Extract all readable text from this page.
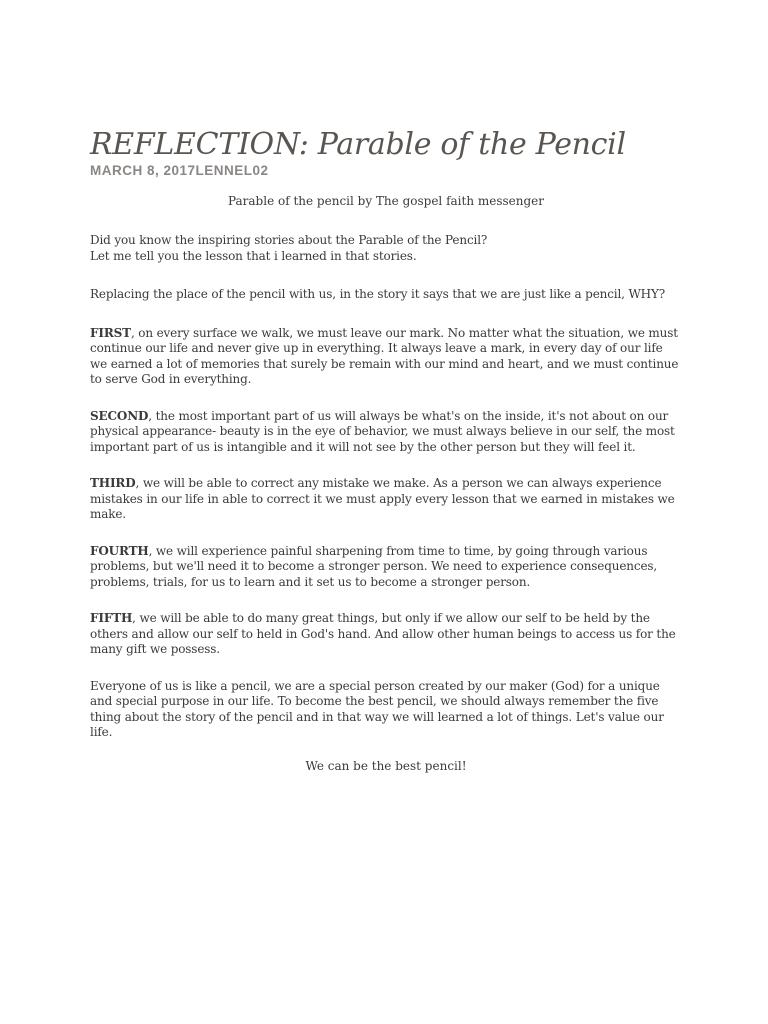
REFLECTION: Parable of the Pencil
MARCH 8, 2017LENNEL02

Parable of the pencil by The gospel faith messenger

Did you know the inspiring stories about the Parable of the Pencil?
Let me tell you the lesson that i learned in that stories.

Replacing the place of the pencil with us, in the story it says that we are just like a pencil, WHY?

FIRST, on every surface we walk, we must leave our mark. No matter what the situation, we must continue our life and never give up in everything. It always leave a mark, in every day of our life we earned a lot of memories that surely be remain with our mind and heart, and we must continue to serve God in everything.

SECOND, the most important part of us will always be what's on the inside, it's not about on our physical appearance- beauty is in the eye of behavior, we must always believe in our self, the most important part of us is intangible and it will not see by the other person but they will feel it.

THIRD, we will be able to correct any mistake we make. As a person we can always experience mistakes in our life in able to correct it we must apply every lesson that we earned in mistakes we make.

FOURTH, we will experience painful sharpening from time to time, by going through various problems, but we'll need it to become a stronger person. We need to experience consequences, problems, trials, for us to learn and it set us to become a stronger person.

FIFTH, we will be able to do many great things, but only if we allow our self to be held by the others and allow our self to held in God's hand. And allow other human beings to access us for the many gift we possess.

Everyone of us is like a pencil, we are a special person created by our maker (God) for a unique and special purpose in our life. To become the best pencil, we should always remember the five thing about the story of the pencil and in that way we will learned a lot of things. Let's value our life.

We can be the best pencil!
